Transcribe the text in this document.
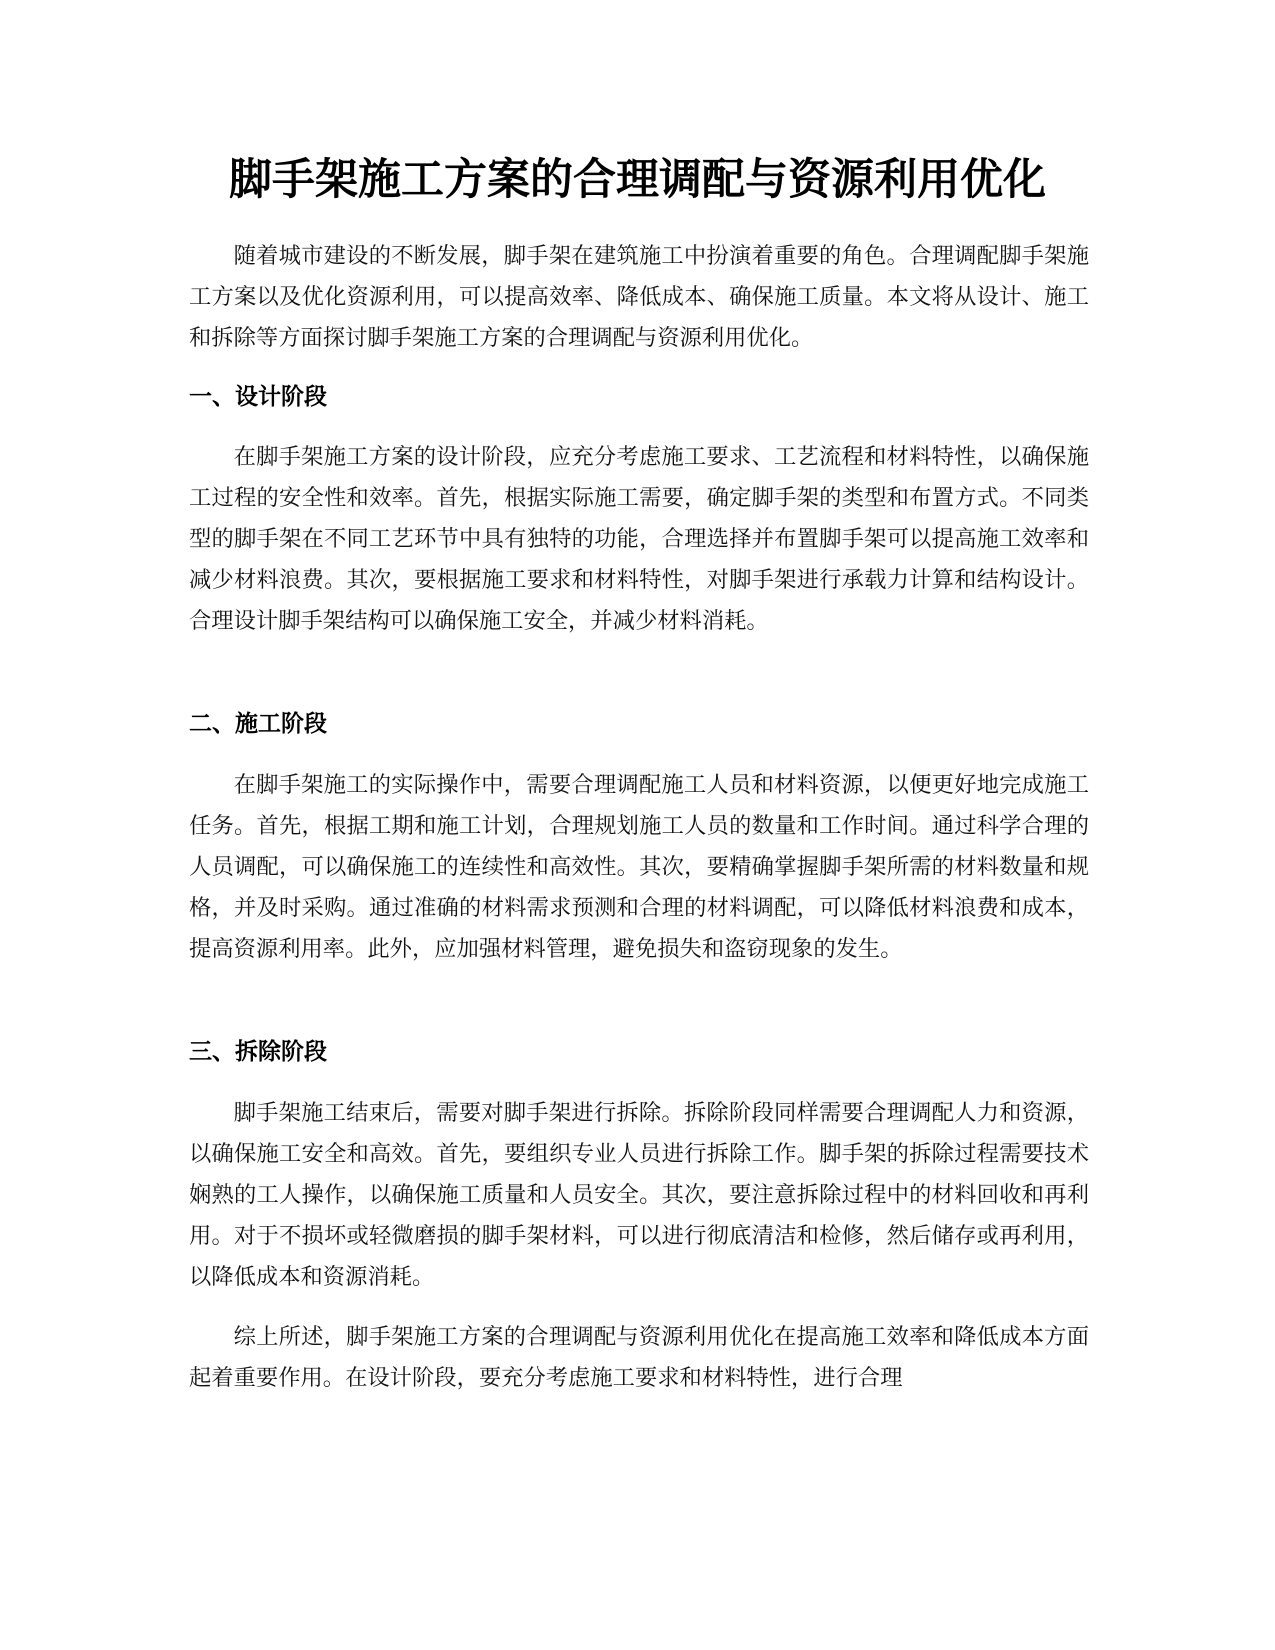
脚手架施工方案的合理调配与资源利用优化

随着城市建设的不断发展，脚手架在建筑施工中扮演着重要的角色。合理调配脚手架施工方案以及优化资源利用，可以提高效率、降低成本、确保施工质量。本文将从设计、施工和拆除等方面探讨脚手架施工方案的合理调配与资源利用优化。

一、设计阶段

在脚手架施工方案的设计阶段，应充分考虑施工要求、工艺流程和材料特性，以确保施工过程的安全性和效率。首先，根据实际施工需要，确定脚手架的类型和布置方式。不同类型的脚手架在不同工艺环节中具有独特的功能，合理选择并布置脚手架可以提高施工效率和减少材料浪费。其次，要根据施工要求和材料特性，对脚手架进行承载力计算和结构设计。合理设计脚手架结构可以确保施工安全，并减少材料消耗。

二、施工阶段

在脚手架施工的实际操作中，需要合理调配施工人员和材料资源，以便更好地完成施工任务。首先，根据工期和施工计划，合理规划施工人员的数量和工作时间。通过科学合理的人员调配，可以确保施工的连续性和高效性。其次，要精确掌握脚手架所需的材料数量和规格，并及时采购。通过准确的材料需求预测和合理的材料调配，可以降低材料浪费和成本，提高资源利用率。此外，应加强材料管理，避免损失和盗窃现象的发生。

三、拆除阶段

脚手架施工结束后，需要对脚手架进行拆除。拆除阶段同样需要合理调配人力和资源，以确保施工安全和高效。首先，要组织专业人员进行拆除工作。脚手架的拆除过程需要技术娴熟的工人操作，以确保施工质量和人员安全。其次，要注意拆除过程中的材料回收和再利用。对于不损坏或轻微磨损的脚手架材料，可以进行彻底清洁和检修，然后储存或再利用，以降低成本和资源消耗。

综上所述，脚手架施工方案的合理调配与资源利用优化在提高施工效率和降低成本方面起着重要作用。在设计阶段，要充分考虑施工要求和材料特性，进行合理
